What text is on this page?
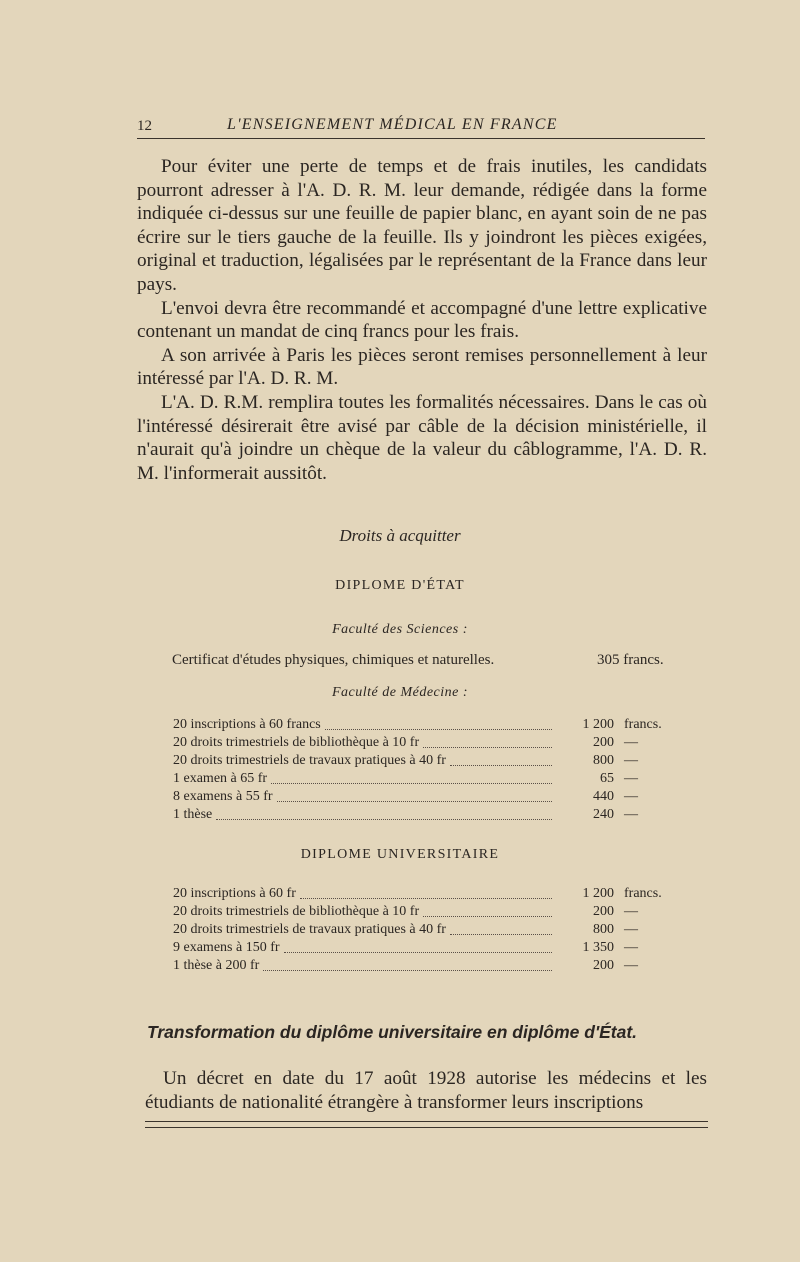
12	L'ENSEIGNEMENT MÉDICAL EN FRANCE

Pour éviter une perte de temps et de frais inutiles, les candidats pourront adresser à l'A. D. R. M. leur demande, rédigée dans la forme indiquée ci-dessus sur une feuille de papier blanc, en ayant soin de ne pas écrire sur le tiers gauche de la feuille. Ils y joindront les pièces exigées, original et traduction, légalisées par le représentant de la France dans leur pays.

L'envoi devra être recommandé et accompagné d'une lettre explicative contenant un mandat de cinq francs pour les frais.

A son arrivée à Paris les pièces seront remises personnellement à leur intéressé par l'A. D. R. M.

L'A. D. R.M. remplira toutes les formalités nécessaires. Dans le cas où l'intéressé désirerait être avisé par câble de la décision ministérielle, il n'aurait qu'à joindre un chèque de la valeur du câblogramme, l'A. D. R. M. l'informerait aussitôt.

Droits à acquitter
DIPLOME D'ÉTAT
Faculté des Sciences :
Certificat d'études physiques, chimiques et naturelles.	305 francs.
Faculté de Médecine :
20 inscriptions à 60 francs	1 200 francs.
20 droits trimestriels de bibliothèque à 10 fr	200 —
20 droits trimestriels de travaux pratiques à 40 fr	800 —
1 examen à 65 fr	65 —
8 examens à 55 fr	440 —
1 thèse	240 —
DIPLOME UNIVERSITAIRE
20 inscriptions à 60 fr	1 200 francs.
20 droits trimestriels de bibliothèque à 10 fr	200 —
20 droits trimestriels de travaux pratiques à 40 fr	800 —
9 examens à 150 fr	1 350 —
1 thèse à 200 fr	200 —
Transformation du diplôme universitaire en diplôme d'État.
Un décret en date du 17 août 1928 autorise les médecins et les étudiants de nationalité étrangère à transformer leurs inscriptions
